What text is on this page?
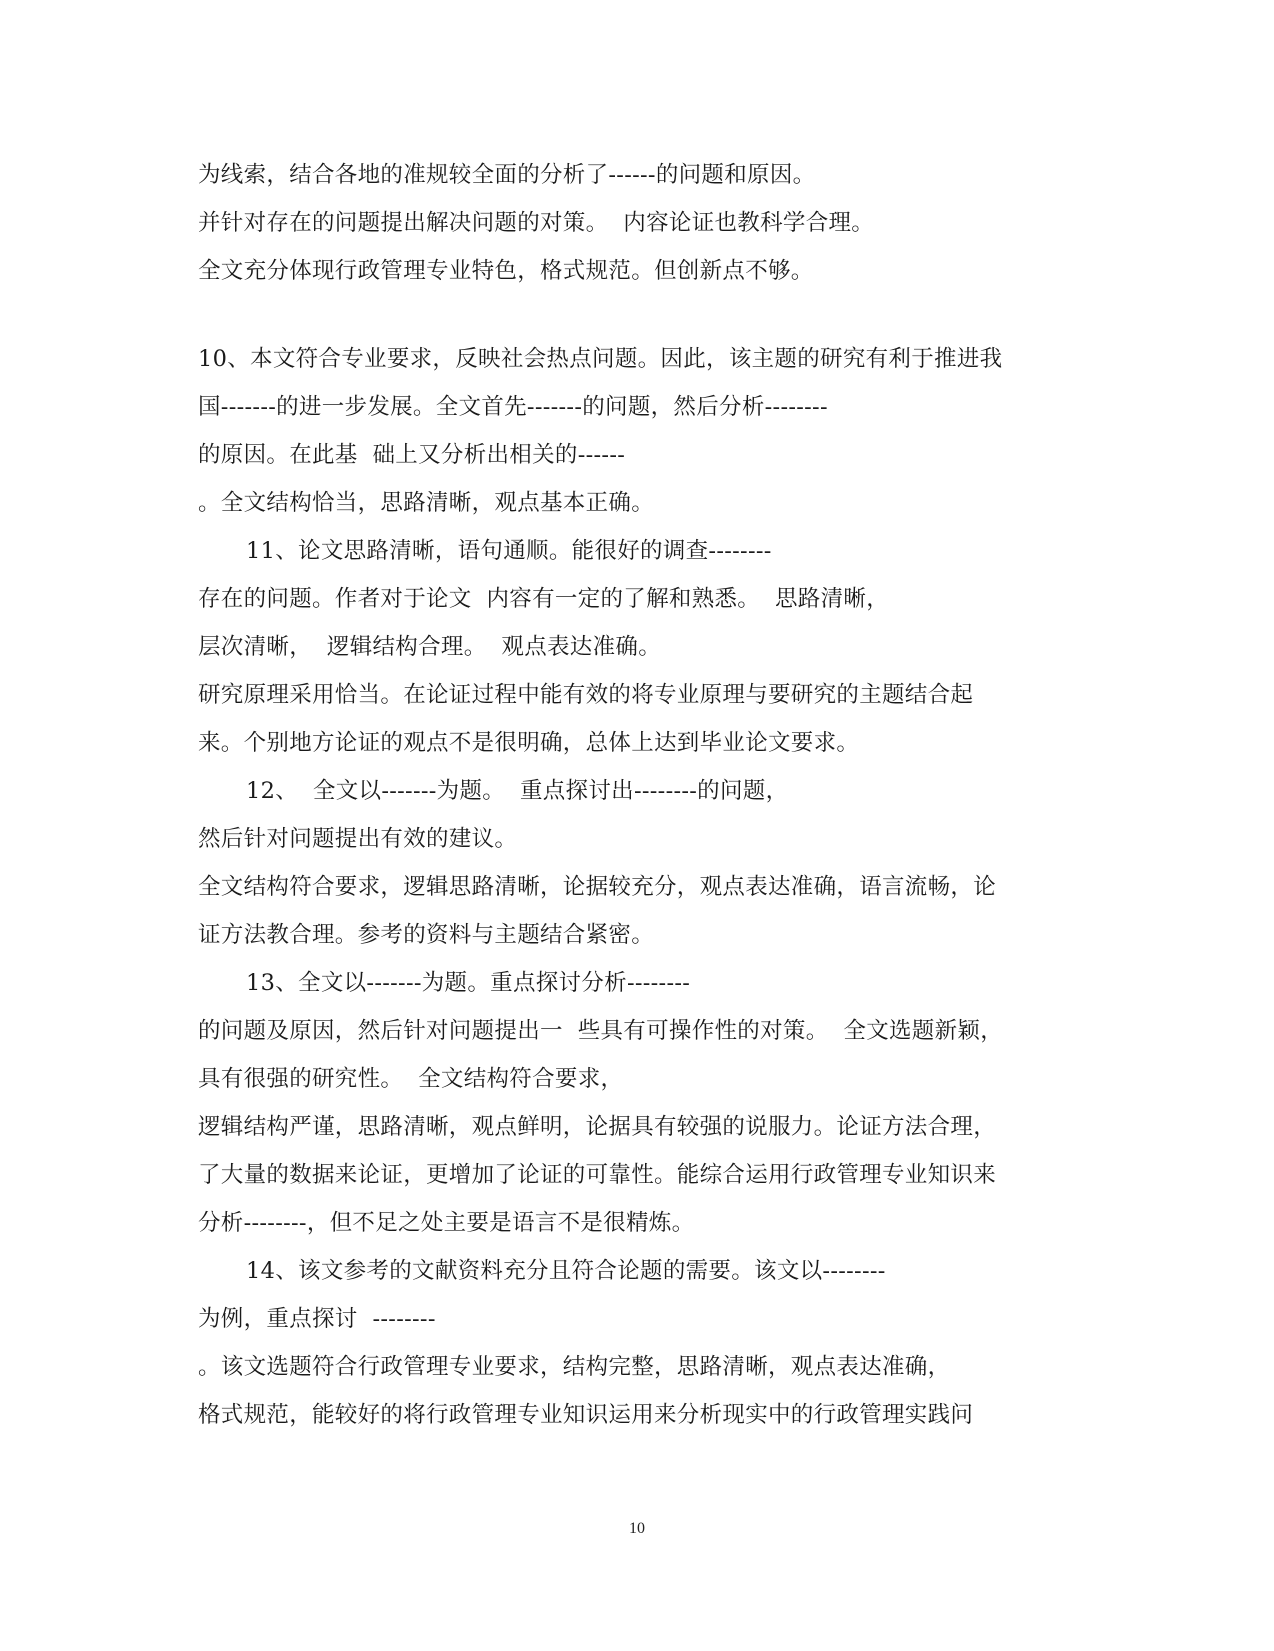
为线索，结合各地的准规较全面的分析了------的问题和原因。
并针对存在的问题提出解决问题的对策。  内容论证也教科学合理。
全文充分体现行政管理专业特色，格式规范。但创新点不够。
10、本文符合专业要求，反映社会热点问题。因此，该主题的研究有利于推进我
国-------的进一步发展。全文首先-------的问题，然后分析--------
的原因。在此基  础上又分析出相关的------
。全文结构恰当，思路清晰，观点基本正确。
11、论文思路清晰，语句通顺。能很好的调查--------
存在的问题。作者对于论文  内容有一定的了解和熟悉。  思路清晰，
层次清晰，  逻辑结构合理。  观点表达准确。
研究原理采用恰当。在论证过程中能有效的将专业原理与要研究的主题结合起
来。个别地方论证的观点不是很明确，总体上达到毕业论文要求。
12、  全文以-------为题。  重点探讨出--------的问题，
然后针对问题提出有效的建议。
全文结构符合要求，逻辑思路清晰，论据较充分，观点表达准确，语言流畅，论
证方法教合理。参考的资料与主题结合紧密。
13、全文以-------为题。重点探讨分析--------
的问题及原因，然后针对问题提出一  些具有可操作性的对策。  全文选题新颖，
具有很强的研究性。  全文结构符合要求，
逻辑结构严谨，思路清晰，观点鲜明，论据具有较强的说服力。论证方法合理，
了大量的数据来论证，更增加了论证的可靠性。能综合运用行政管理专业知识来
分析--------，但不足之处主要是语言不是很精炼。
14、该文参考的文献资料充分且符合论题的需要。该文以--------
为例，重点探讨  --------
。该文选题符合行政管理专业要求，结构完整，思路清晰，观点表达准确，
格式规范，能较好的将行政管理专业知识运用来分析现实中的行政管理实践问
10
